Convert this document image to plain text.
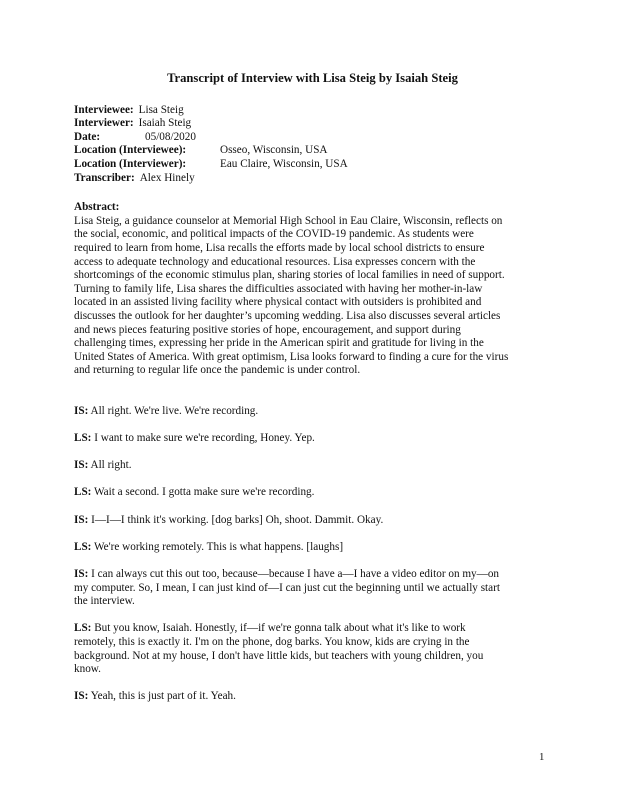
Transcript of Interview with Lisa Steig by Isaiah Steig
Interviewee: Lisa Steig
Interviewer: Isaiah Steig
Date:	05/08/2020
Location (Interviewee):	Osseo, Wisconsin, USA
Location (Interviewer):	Eau Claire, Wisconsin, USA
Transcriber: Alex Hinely
Abstract:
Lisa Steig, a guidance counselor at Memorial High School in Eau Claire, Wisconsin, reflects on
the social, economic, and political impacts of the COVID-19 pandemic. As students were
required to learn from home, Lisa recalls the efforts made by local school districts to ensure
access to adequate technology and educational resources. Lisa expresses concern with the
shortcomings of the economic stimulus plan, sharing stories of local families in need of support.
Turning to family life, Lisa shares the difficulties associated with having her mother-in-law
located in an assisted living facility where physical contact with outsiders is prohibited and
discusses the outlook for her daughter’s upcoming wedding. Lisa also discusses several articles
and news pieces featuring positive stories of hope, encouragement, and support during
challenging times, expressing her pride in the American spirit and gratitude for living in the
United States of America. With great optimism, Lisa looks forward to finding a cure for the virus
and returning to regular life once the pandemic is under control.
IS: All right. We're live. We're recording.
LS: I want to make sure we're recording, Honey. Yep.
IS: All right.
LS: Wait a second. I gotta make sure we're recording.
IS: I—I—I think it's working. [dog barks] Oh, shoot. Dammit. Okay.
LS: We're working remotely. This is what happens. [laughs]
IS: I can always cut this out too, because—because I have a—I have a video editor on my—on
my computer. So, I mean, I can just kind of—I can just cut the beginning until we actually start
the interview.
LS: But you know, Isaiah. Honestly, if—if we're gonna talk about what it's like to work
remotely, this is exactly it. I'm on the phone, dog barks. You know, kids are crying in the
background. Not at my house, I don't have little kids, but teachers with young children, you
know.
IS: Yeah, this is just part of it. Yeah.
1
